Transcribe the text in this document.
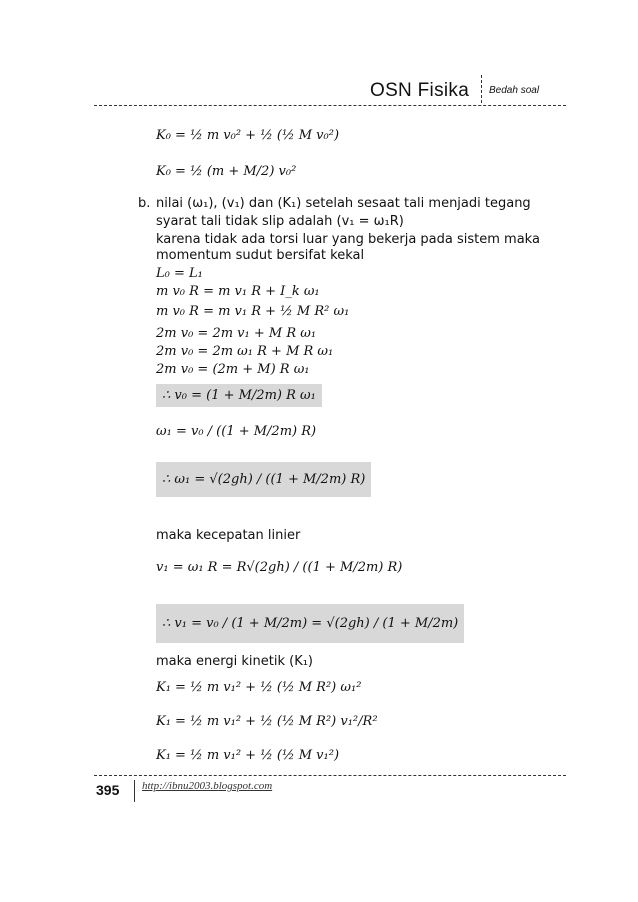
OSN Fisika Bedah soal
K₀ = ½ m v₀² + ½ (½ M v₀²)
K₀ = ½ (m + M/2) v₀²
b. nilai (ω₁), (v₁) dan (K₁) setelah sesaat tali menjadi tegang
syarat tali tidak slip adalah (v₁ = ω₁R)
karena tidak ada torsi luar yang bekerja pada sistem maka
momentum sudut bersifat kekal
L₀ = L₁
m v₀ R = m v₁ R + I_k ω₁
m v₀ R = m v₁ R + ½ M R² ω₁
2m v₀ = 2m v₁ + M R ω₁
2m v₀ = 2m ω₁ R + M R ω₁
2m v₀ = (2m + M) R ω₁
∴ v₀ = (1 + M/2m) R ω₁
ω₁ = v₀ / ((1 + M/2m) R)
∴ ω₁ = √(2gh) / ((1 + M/2m) R)
maka kecepatan linier
v₁ = ω₁ R = R√(2gh) / ((1 + M/2m) R)
∴ v₁ = v₀ / (1 + M/2m) = √(2gh) / (1 + M/2m)
maka energi kinetik (K₁)
K₁ = ½ m v₁² + ½ (½ M R²) ω₁²
K₁ = ½ m v₁² + ½ (½ M R²) v₁²/R²
K₁ = ½ m v₁² + ½ (½ M v₁²)
395 http://ibnu2003.blogspot.com
